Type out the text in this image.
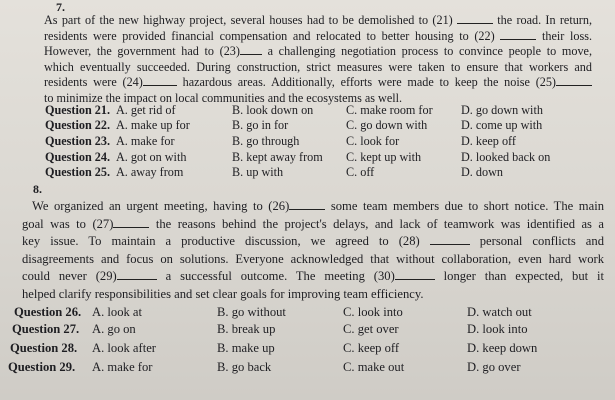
7.
As part of the new highway project, several houses had to be demolished to (21)	the road. In return,
residents were provided financial compensation and relocated to better housing to (22)	their loss.
However, the government had to (23) a challenging negotiation process to convince people to move,
which eventually succeeded. During construction, strict measures were taken to ensure that workers and
residents were (24)	hazardous areas. Additionally, efforts were made to keep the noise (25)
to minimize the impact on local communities and the ecosystems as well.
Question 21. A. get rid of	B. look down on	C. make room for D. go down with
Question 22. A. make up for	B. go in for	C. go down with	D. come up with
Question 23. A. make for	B. go through	C. look for	D. keep off
Question 24. A. got on with	B. kept away from C. kept up with	D. looked back on
Question 25. A. away from	B. up with	C. off	D. down
8.
We organized an urgent meeting, having to (26)	some team members due to short notice. The main
goal was to (27)	the reasons behind the project's delays, and lack of teamwork was identified as a
key issue. To maintain a productive discussion, we agreed to (28)	personal conflicts and
disagreements and focus on solutions. Everyone acknowledged that without collaboration, even hard work
could never (29)	a successful outcome. The meeting (30)	longer than expected, but it
helped clarify responsibilities and set clear goals for improving team efficiency.
Question 26. A. look at	B. go without	C. look into	D. watch out
Question 27. A. go on	B. break up	C. get over	D. look into
Question 28. A. look after	B. make up	C. keep off	D. keep down
Question 29. A. make for	B. go back	C. make out	D. go over
